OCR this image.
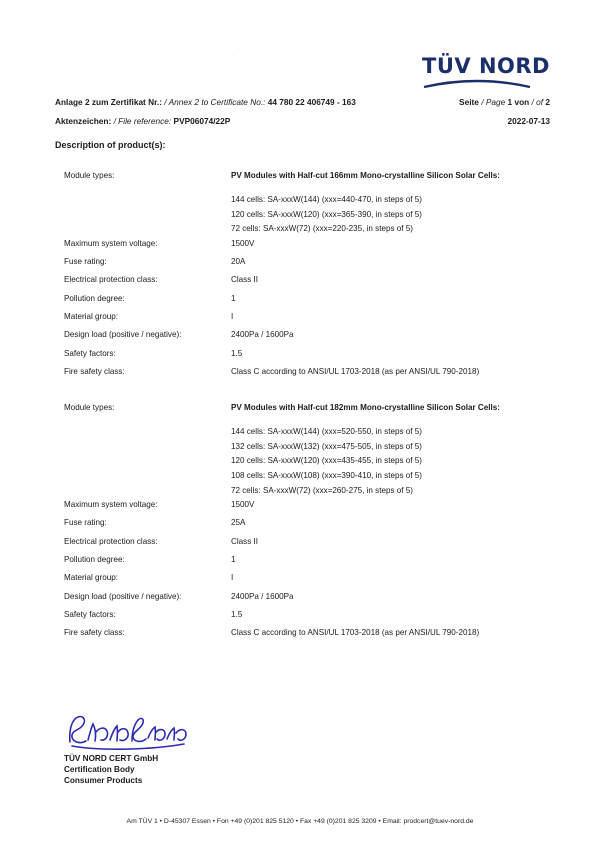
·	TÜV NORD
Anlage 2 zum Zertifikat Nr.: / Annex 2 to Certificate No.: 44 780 22 406749 - 163	Seite / Page 1 von / of 2
Aktenzeichen: / File reference: PVP06074/22P	2022-07-13
Description of product(s):
Module types:	PV Modules with Half-cut 166mm Mono-crystalline Silicon Solar Cells:
144 cells: SA-xxxW(144) (xxx=440-470, in steps of 5)
120 cells: SA-xxxW(120) (xxx=365-390, in steps of 5)
72 cells: SA-xxxW(72) (xxx=220-235, in steps of 5)
Maximum system voltage:	1500V
Fuse rating:	20A
Electrical protection class:	Class II
Pollution degree:	1
Material group:	I
Design load (positive / negative):	2400Pa / 1600Pa
Safety factors:	1.5
Fire safety class:	Class C according to ANSI/UL 1703-2018 (as per ANSI/UL 790-2018)
Module types:	PV Modules with Half-cut 182mm Mono-crystalline Silicon Solar Cells:
144 cells: SA-xxxW(144) (xxx=520-550, in steps of 5)
132 cells: SA-xxxW(132) (xxx=475-505, in steps of 5)
120 cells: SA-xxxW(120) (xxx=435-455, in steps of 5)
108 cells: SA-xxxW(108) (xxx=390-410, in steps of 5)
72 cells: SA-xxxW(72) (xxx=260-275, in steps of 5)
Maximum system voltage:	1500V
Fuse rating:	25A
Electrical protection class:	Class II
Pollution degree:	1
Material group:	I
Design load (positive / negative):	2400Pa / 1600Pa
Safety factors:	1.5
Fire safety class:	Class C according to ANSI/UL 1703-2018 (as per ANSI/UL 790-2018)
TÜV NORD CERT GmbH
Certification Body
Consumer Products
Am TÜV 1 • D-45307 Essen • Fon +49 (0)201 825 5120 • Fax +49 (0)201 825 3209 • Email: prodcert@tuev-nord.de
